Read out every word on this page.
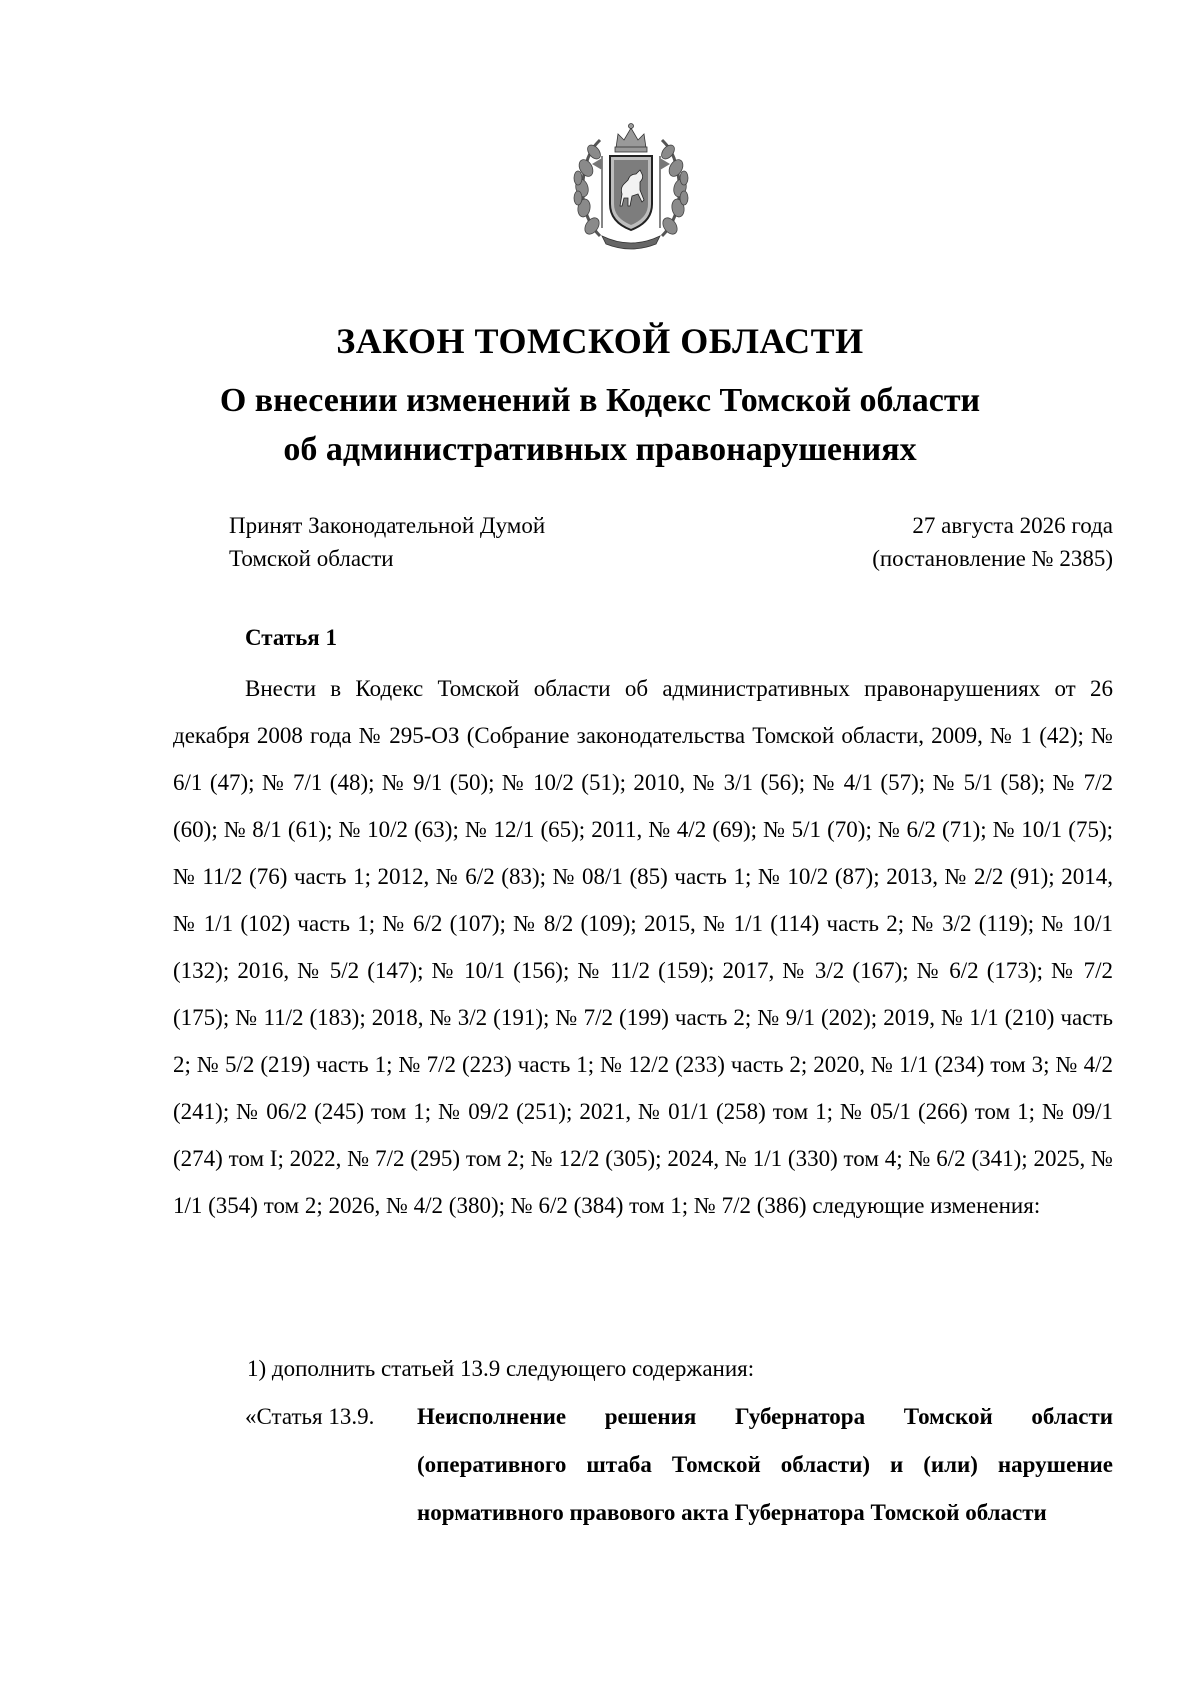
ЗАКОН ТОМСКОЙ ОБЛАСТИ
О внесении изменений в Кодекс Томской области
об административных правонарушениях
Принят Законодательной Думой
Томской области
27 августа 2026 года
(постановление № 2385)
Статья 1
Внести в Кодекс Томской области об административных правонарушениях от 26 декабря 2008 года № 295-ОЗ (Собрание законодательства Томской области, 2009, № 1 (42); № 6/1 (47); № 7/1 (48); № 9/1 (50); № 10/2 (51); 2010, № 3/1 (56); № 4/1 (57); № 5/1 (58); № 7/2 (60); № 8/1 (61); № 10/2 (63); № 12/1 (65); 2011, № 4/2 (69); № 5/1 (70); № 6/2 (71); № 10/1 (75); № 11/2 (76) часть 1; 2012, № 6/2 (83); № 08/1 (85) часть 1; № 10/2 (87); 2013, № 2/2 (91); 2014, № 1/1 (102) часть 1; № 6/2 (107); № 8/2 (109); 2015, № 1/1 (114) часть 2; № 3/2 (119); № 10/1 (132); 2016, № 5/2 (147); № 10/1 (156); № 11/2 (159); 2017, № 3/2 (167); № 6/2 (173); № 7/2 (175); № 11/2 (183); 2018, № 3/2 (191); № 7/2 (199) часть 2; № 9/1 (202); 2019, № 1/1 (210) часть 2; № 5/2 (219) часть 1; № 7/2 (223) часть 1; № 12/2 (233) часть 2; 2020, № 1/1 (234) том 3; № 4/2 (241); № 06/2 (245) том 1; № 09/2 (251); 2021, № 01/1 (258) том 1; № 05/1 (266) том 1; № 09/1 (274) том I; 2022, № 7/2 (295) том 2; № 12/2 (305); 2024, № 1/1 (330) том 4; № 6/2 (341); 2025, № 1/1 (354) том 2; 2026, № 4/2 (380); № 6/2 (384) том 1; № 7/2 (386) следующие изменения:
1) дополнить статьей 13.9 следующего содержания:
«Статья 13.9. Неисполнение решения Губернатора Томской области (оперативного штаба Томской области) и (или) нарушение нормативного правового акта Губернатора Томской области
